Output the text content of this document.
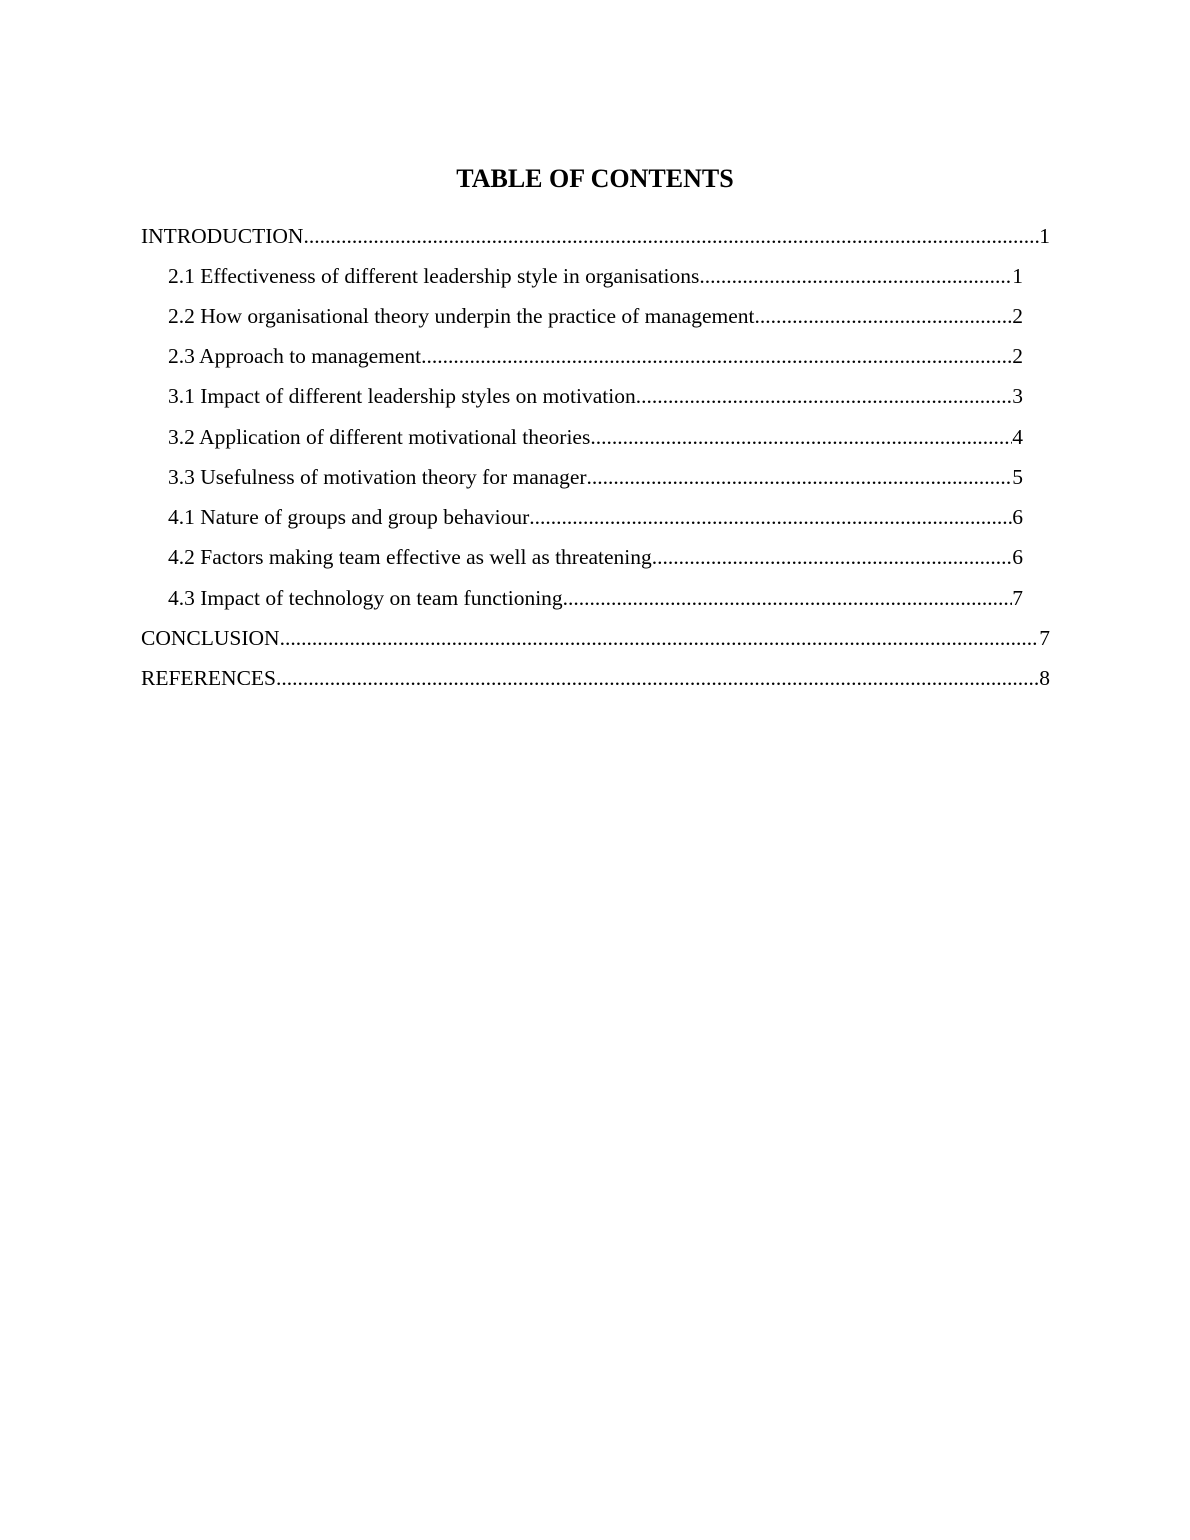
TABLE OF CONTENTS
INTRODUCTION .....	1
2.1 Effectiveness of different leadership style in organisations .....	1
2.2 How organisational theory underpin the practice of management .....	2
2.3 Approach to management .....	2
3.1 Impact of different leadership styles on motivation .....	3
3.2 Application of different motivational theories .....	4
3.3 Usefulness of motivation theory for manager .....	5
4.1 Nature of groups and group behaviour .....	6
4.2 Factors making team effective as well as threatening .....	6
4.3 Impact of technology on team functioning .....	7
CONCLUSION .....	7
REFERENCES .....	8
